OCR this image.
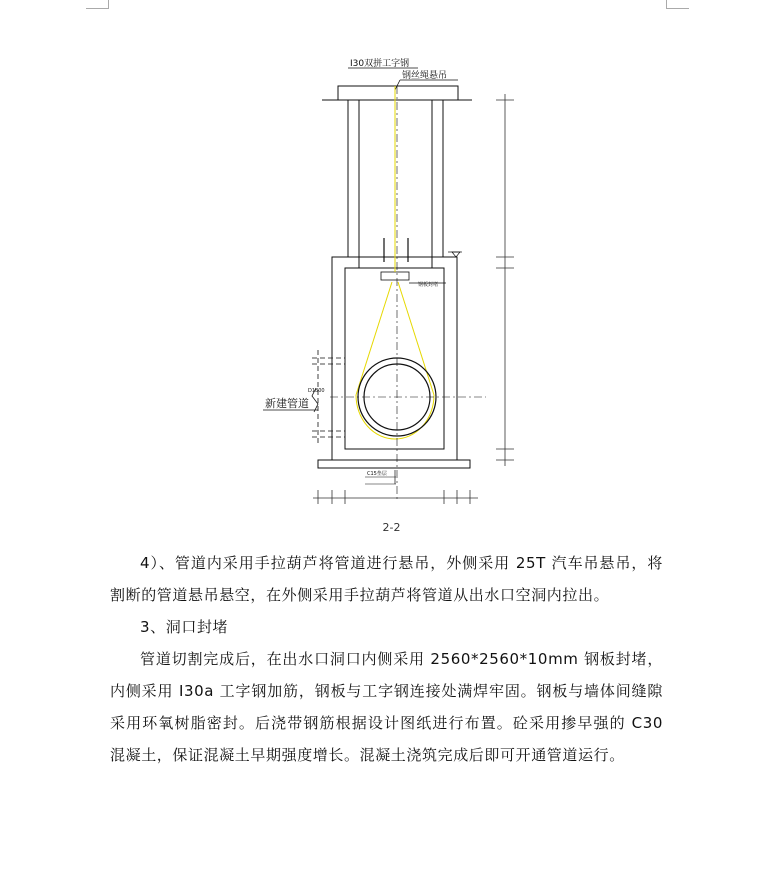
I30双拼工字钢
钢丝绳悬吊
钢板封堵
D1800
新建管道
C15垫层
2-2
4）、管道内采用手拉葫芦将管道进行悬吊，外侧采用 25T 汽车吊悬吊，将割断的管道悬吊悬空，在外侧采用手拉葫芦将管道从出水口空洞内拉出。
3、洞口封堵
管道切割完成后，在出水口洞口内侧采用 2560*2560*10mm 钢板封堵，内侧采用 I30a 工字钢加筋，钢板与工字钢连接处满焊牢固。钢板与墙体间缝隙采用环氧树脂密封。后浇带钢筋根据设计图纸进行布置。砼采用掺早强的 C30 混凝土，保证混凝土早期强度增长。混凝土浇筑完成后即可开通管道运行。
